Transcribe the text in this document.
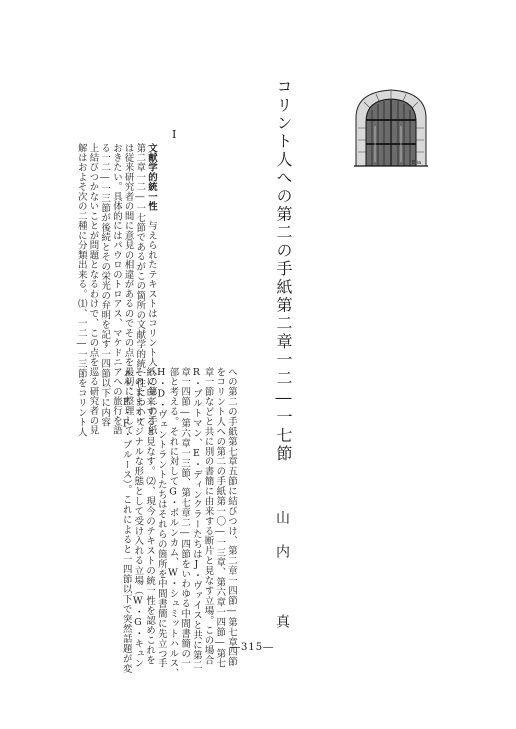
Elia
コリント人への第二の手紙第二章一二―一七節
山内 真
への第二の手紙第七章五節に結びつけ、第二章一四節―第七章四節
をコリント人への第二の手紙第一〇―一三章、第六章一四節―第七
章一節などと共に別の書簡に由来する断片と見なす立場。この場合
R・ブルトマン、E・ディンクラーたちはJ・ヴァイスと共に第二
章一四節―第六章一三節、第七章二―四節をいわゆる中間書簡の一
部と考える。それに対してG・ボルンカム、W・シュミットハルス、
H・D・ヴェントラントたちはそれらの箇所を中間書簡に先立つ手
紙に由来すると見なす。⑵、現今のテキストの統一性を認めこれを
そのままオリジナルな形態として受け入れる立場（W・G・キュン
メル、F・F・ブルース）。これによると一四節以下で突然話題が変
I
文献学的統一性　与えられたテキストはコリント人への第二の手紙
第二章一二―一七節であるがこの箇所の文献学的統一性について
は従来研究者の間に意見の相違があるのでその点を最初に整理して
おきたい。具体的にはパウロのトロアス、マケドニアへの旅行を語
る一二―一三節が後続とその栄光の弁明を記す一四節以下に内容
上結びつかないことが問題となるわけで、この点を巡る研究者の見
解はおよそ次の二種に分類出来る。⑴、一二―一三節をコリント人
―315―
